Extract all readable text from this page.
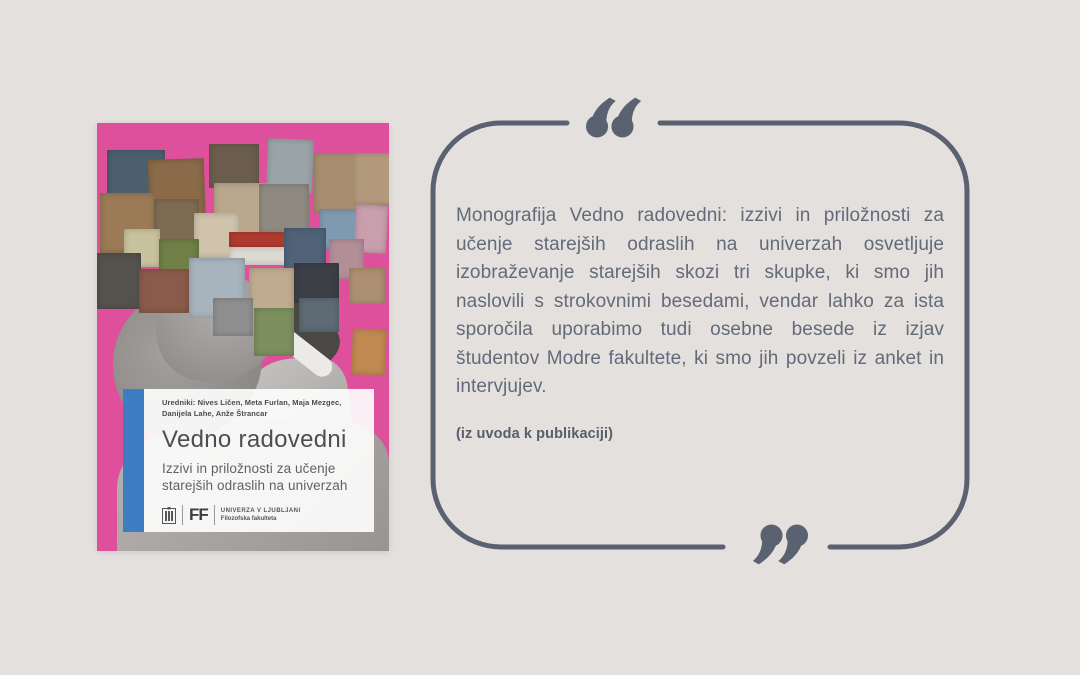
Uredniki: Nives Ličen, Meta Furlan, Maja Mezgec,
Danijela Lahe, Anže Štrancar
Vedno radovedni

Izzivi in priložnosti za učenje starejših odraslih na univerzah

FF UNIVERZA V LJUBLJANI
Filozofska fakulteta

Monografija Vedno radovedni: izzivi in priložnosti za učenje starejših odraslih na univerzah osvetljuje izobraževanje starejših skozi tri skupke, ki smo jih naslovili s strokovnimi besedami, vendar lahko za ista sporočila uporabimo tudi osebne besede iz izjav študentov Modre fakultete, ki smo jih povzeli iz anket in intervjujev.

(iz uvoda k publikaciji)
